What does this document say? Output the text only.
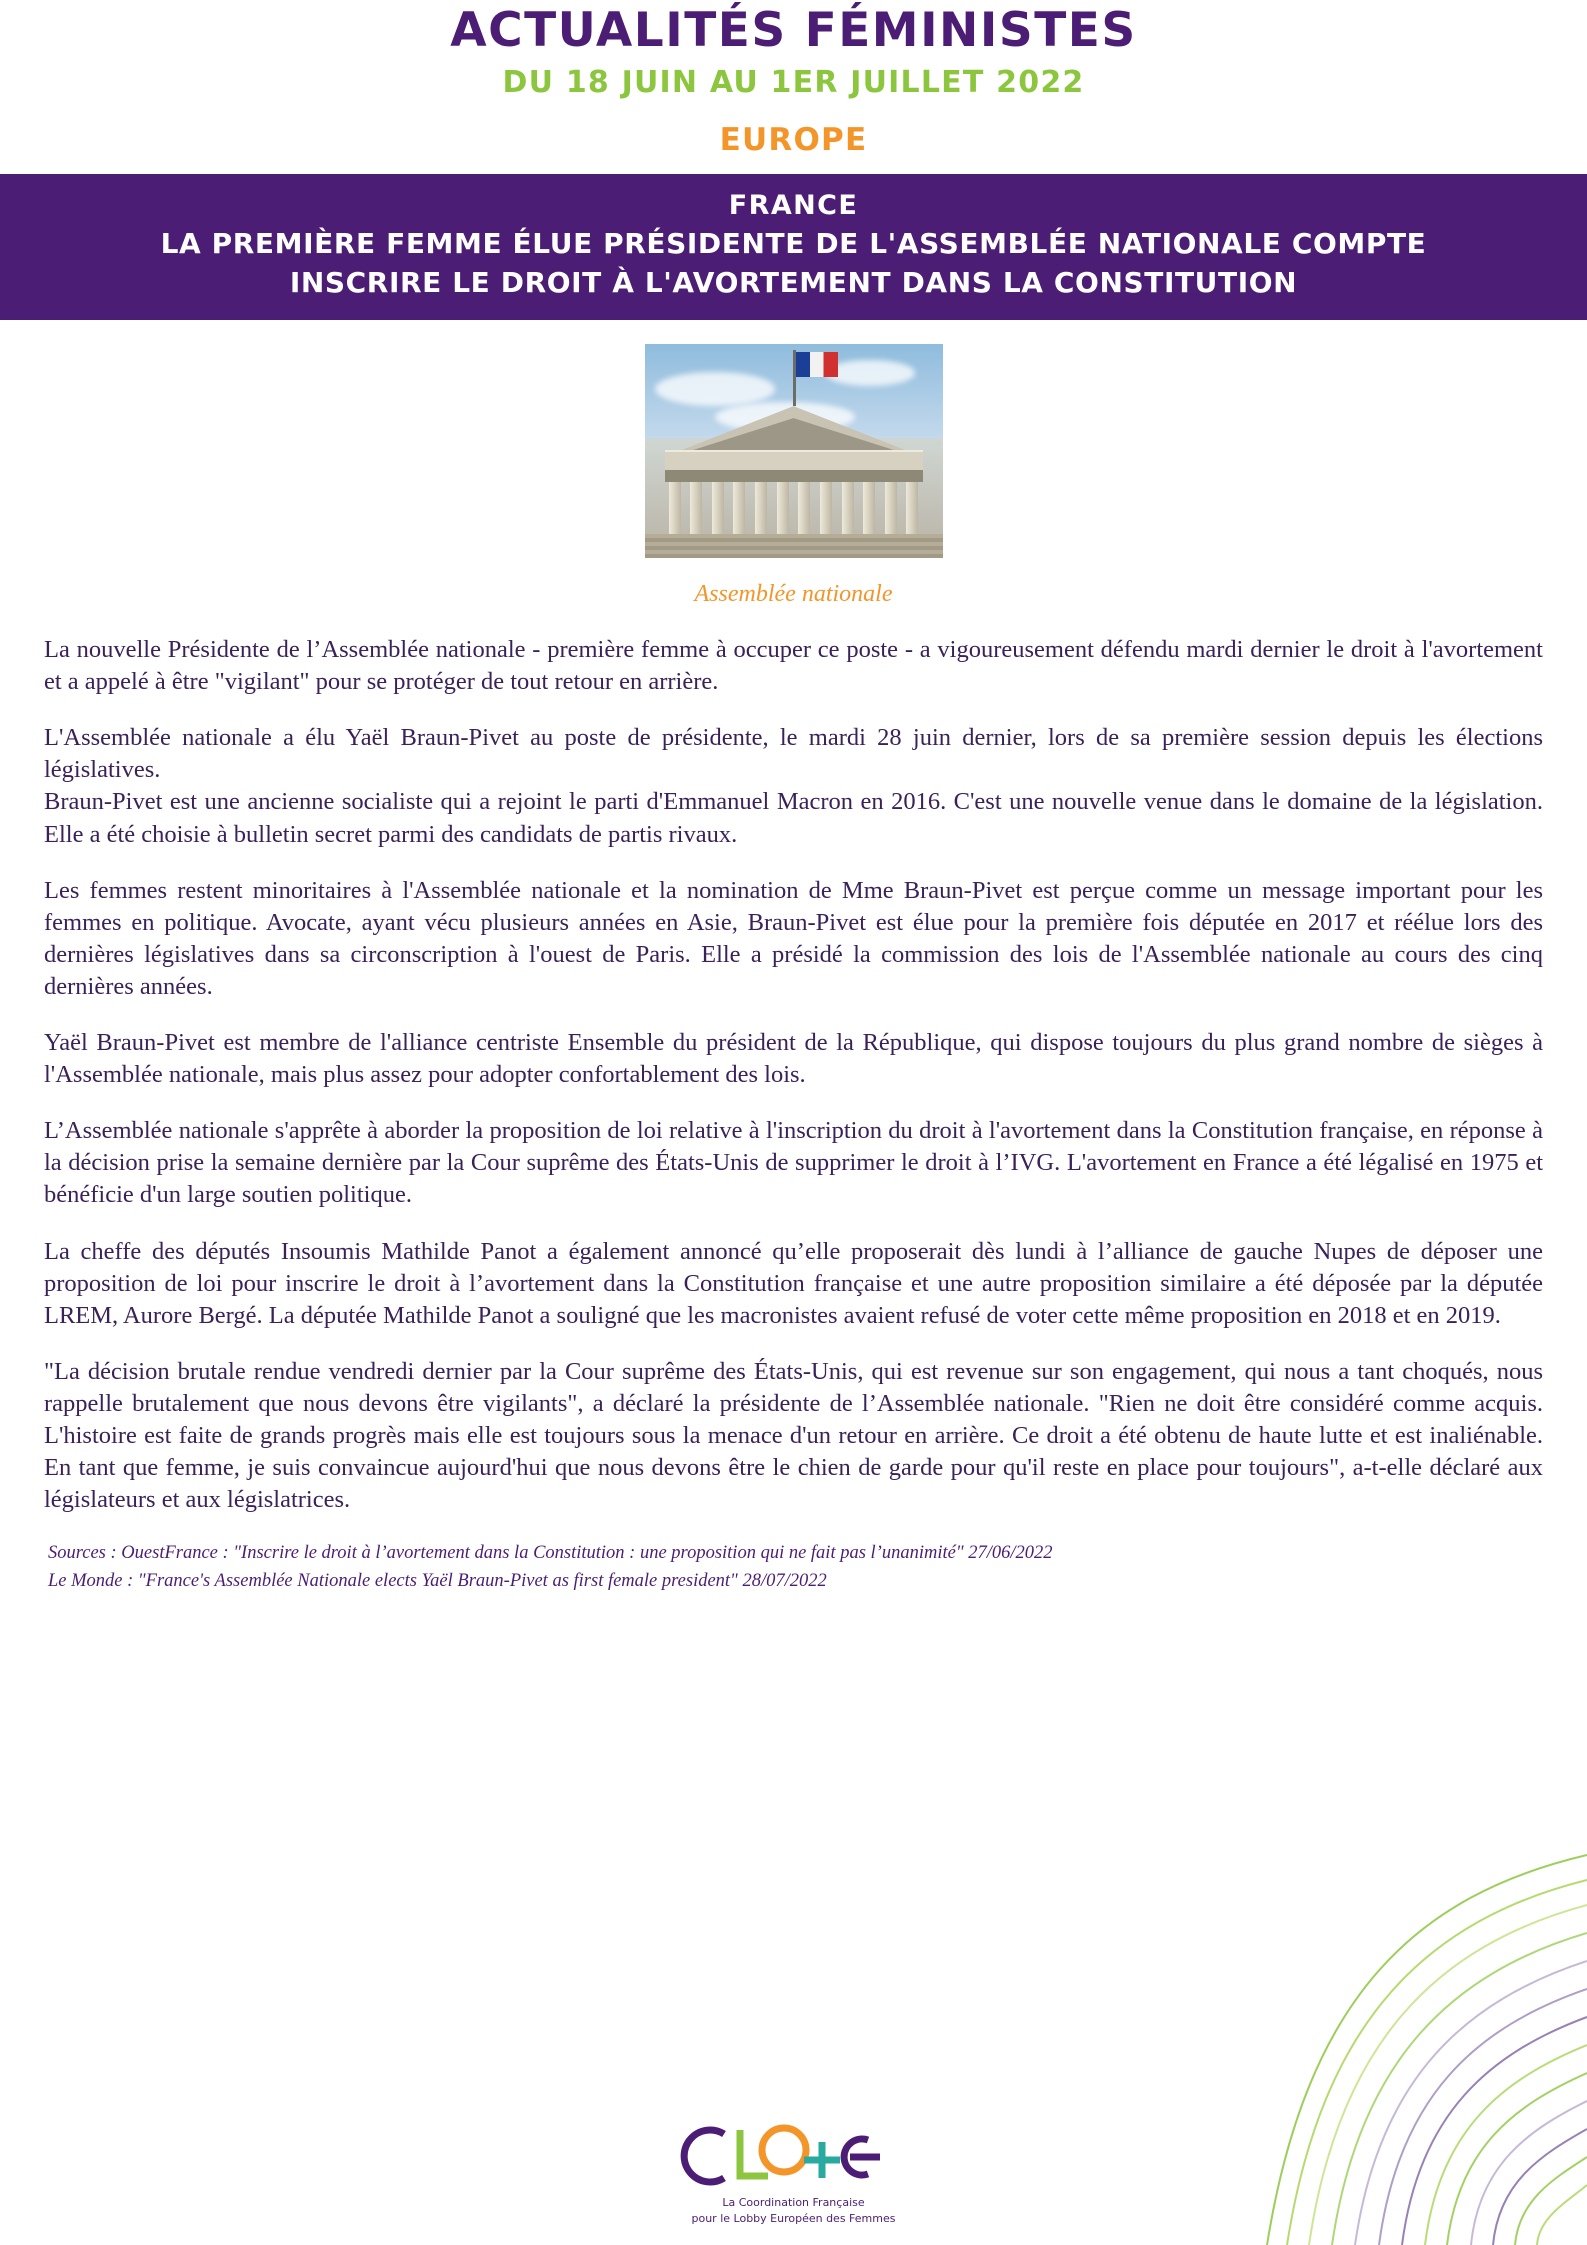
ACTUALITÉS FÉMINISTES
DU 18 JUIN AU 1ER JUILLET 2022
EUROPE
FRANCE
LA PREMIÈRE FEMME ÉLUE PRÉSIDENTE DE L'ASSEMBLÉE NATIONALE COMPTE
INSCRIRE LE DROIT À L'AVORTEMENT DANS LA CONSTITUTION
Assemblée nationale

La nouvelle Présidente de l’Assemblée nationale - première femme à occuper ce poste - a vigoureusement défendu mardi dernier le droit à l'avortement et a appelé à être "vigilant" pour se protéger de tout retour en arrière.

L'Assemblée nationale a élu Yaël Braun-Pivet au poste de présidente, le mardi 28 juin dernier, lors de sa première session depuis les élections législatives.

Braun-Pivet est une ancienne socialiste qui a rejoint le parti d'Emmanuel Macron en 2016. C'est une nouvelle venue dans le domaine de la législation. Elle a été choisie à bulletin secret parmi des candidats de partis rivaux.

Les femmes restent minoritaires à l'Assemblée nationale et la nomination de Mme Braun-Pivet est perçue comme un message important pour les femmes en politique. Avocate, ayant vécu plusieurs années en Asie, Braun-Pivet est élue pour la première fois députée en 2017 et réélue lors des dernières législatives dans sa circonscription à l'ouest de Paris. Elle a présidé la commission des lois de l'Assemblée nationale au cours des cinq dernières années.

Yaël Braun-Pivet est membre de l'alliance centriste Ensemble du président de la République, qui dispose toujours du plus grand nombre de sièges à l'Assemblée nationale, mais plus assez pour adopter confortablement des lois.

L’Assemblée nationale s'apprête à aborder la proposition de loi relative à l'inscription du droit à l'avortement dans la Constitution française, en réponse à la décision prise la semaine dernière par la Cour suprême des États-Unis de supprimer le droit à l’IVG. L'avortement en France a été légalisé en 1975 et bénéficie d'un large soutien politique.

La cheffe des députés Insoumis Mathilde Panot a également annoncé qu’elle proposerait dès lundi à l’alliance de gauche Nupes de déposer une proposition de loi pour inscrire le droit à l’avortement dans la Constitution française et une autre proposition similaire a été déposée par la députée LREM, Aurore Bergé. La députée Mathilde Panot a souligné que les macronistes avaient refusé de voter cette même proposition en 2018 et en 2019.

"La décision brutale rendue vendredi dernier par la Cour suprême des États-Unis, qui est revenue sur son engagement, qui nous a tant choqués, nous rappelle brutalement que nous devons être vigilants", a déclaré la présidente de l’Assemblée nationale. "Rien ne doit être considéré comme acquis. L'histoire est faite de grands progrès mais elle est toujours sous la menace d'un retour en arrière. Ce droit a été obtenu de haute lutte et est inaliénable. En tant que femme, je suis convaincue aujourd'hui que nous devons être le chien de garde pour qu'il reste en place pour toujours", a-t-elle déclaré aux législateurs et aux législatrices.

Sources : OuestFrance : "Inscrire le droit à l’avortement dans la Constitution : une proposition qui ne fait pas l’unanimité" 27/06/2022

Le Monde : "France's Assemblée Nationale elects Yaël Braun-Pivet as first female president" 28/07/2022

La Coordination Française
pour le Lobby Européen des Femmes
